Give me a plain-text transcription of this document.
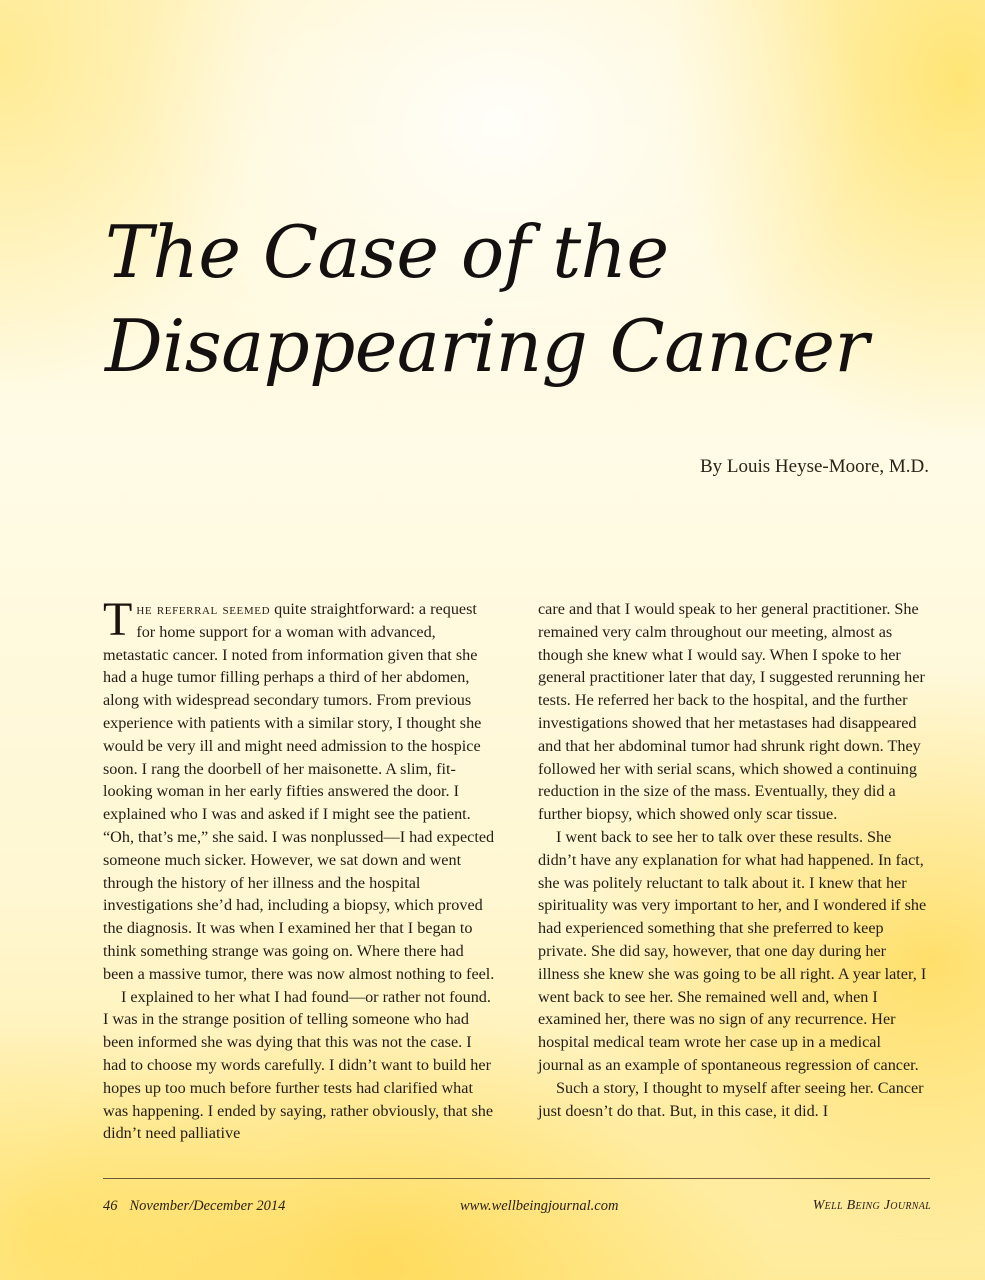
The Case of the
Disappearing Cancer
By Louis Heyse-Moore, M.D.

The referral seemed quite straightforward: a request for home support for a woman with advanced, metastatic cancer. I noted from information given that she had a huge tumor filling perhaps a third of her abdomen, along with widespread secondary tumors. From previous experience with patients with a similar story, I thought she would be very ill and might need admission to the hospice soon. I rang the doorbell of her maisonette. A slim, fit-looking woman in her early fifties answered the door. I explained who I was and asked if I might see the patient. “Oh, that’s me,” she said. I was nonplussed—I had expected someone much sicker. However, we sat down and went through the history of her illness and the hospital investigations she’d had, including a biopsy, which proved the diagnosis. It was when I examined her that I began to think something strange was going on. Where there had been a massive tumor, there was now almost nothing to feel.

I explained to her what I had found—or rather not found. I was in the strange position of telling someone who had been informed she was dying that this was not the case. I had to choose my words carefully. I didn’t want to build her hopes up too much before further tests had clarified what was happening. I ended by saying, rather obviously, that she didn’t need palliative

care and that I would speak to her general practitioner. She remained very calm throughout our meeting, almost as though she knew what I would say. When I spoke to her general practitioner later that day, I suggested rerunning her tests. He referred her back to the hospital, and the further investigations showed that her metastases had disappeared and that her abdominal tumor had shrunk right down. They followed her with serial scans, which showed a continuing reduction in the size of the mass. Eventually, they did a further biopsy, which showed only scar tissue.

I went back to see her to talk over these results. She didn’t have any explanation for what had happened. In fact, she was politely reluctant to talk about it. I knew that her spirituality was very important to her, and I wondered if she had experienced something that she preferred to keep private. She did say, however, that one day during her illness she knew she was going to be all right. A year later, I went back to see her. She remained well and, when I examined her, there was no sign of any recurrence. Her hospital medical team wrote her case up in a medical journal as an example of spontaneous regression of cancer.

Such a story, I thought to myself after seeing her. Cancer just doesn’t do that. But, in this case, it did. I

46 November/December 2014	www.wellbeingjournal.com	Well Being Journal
